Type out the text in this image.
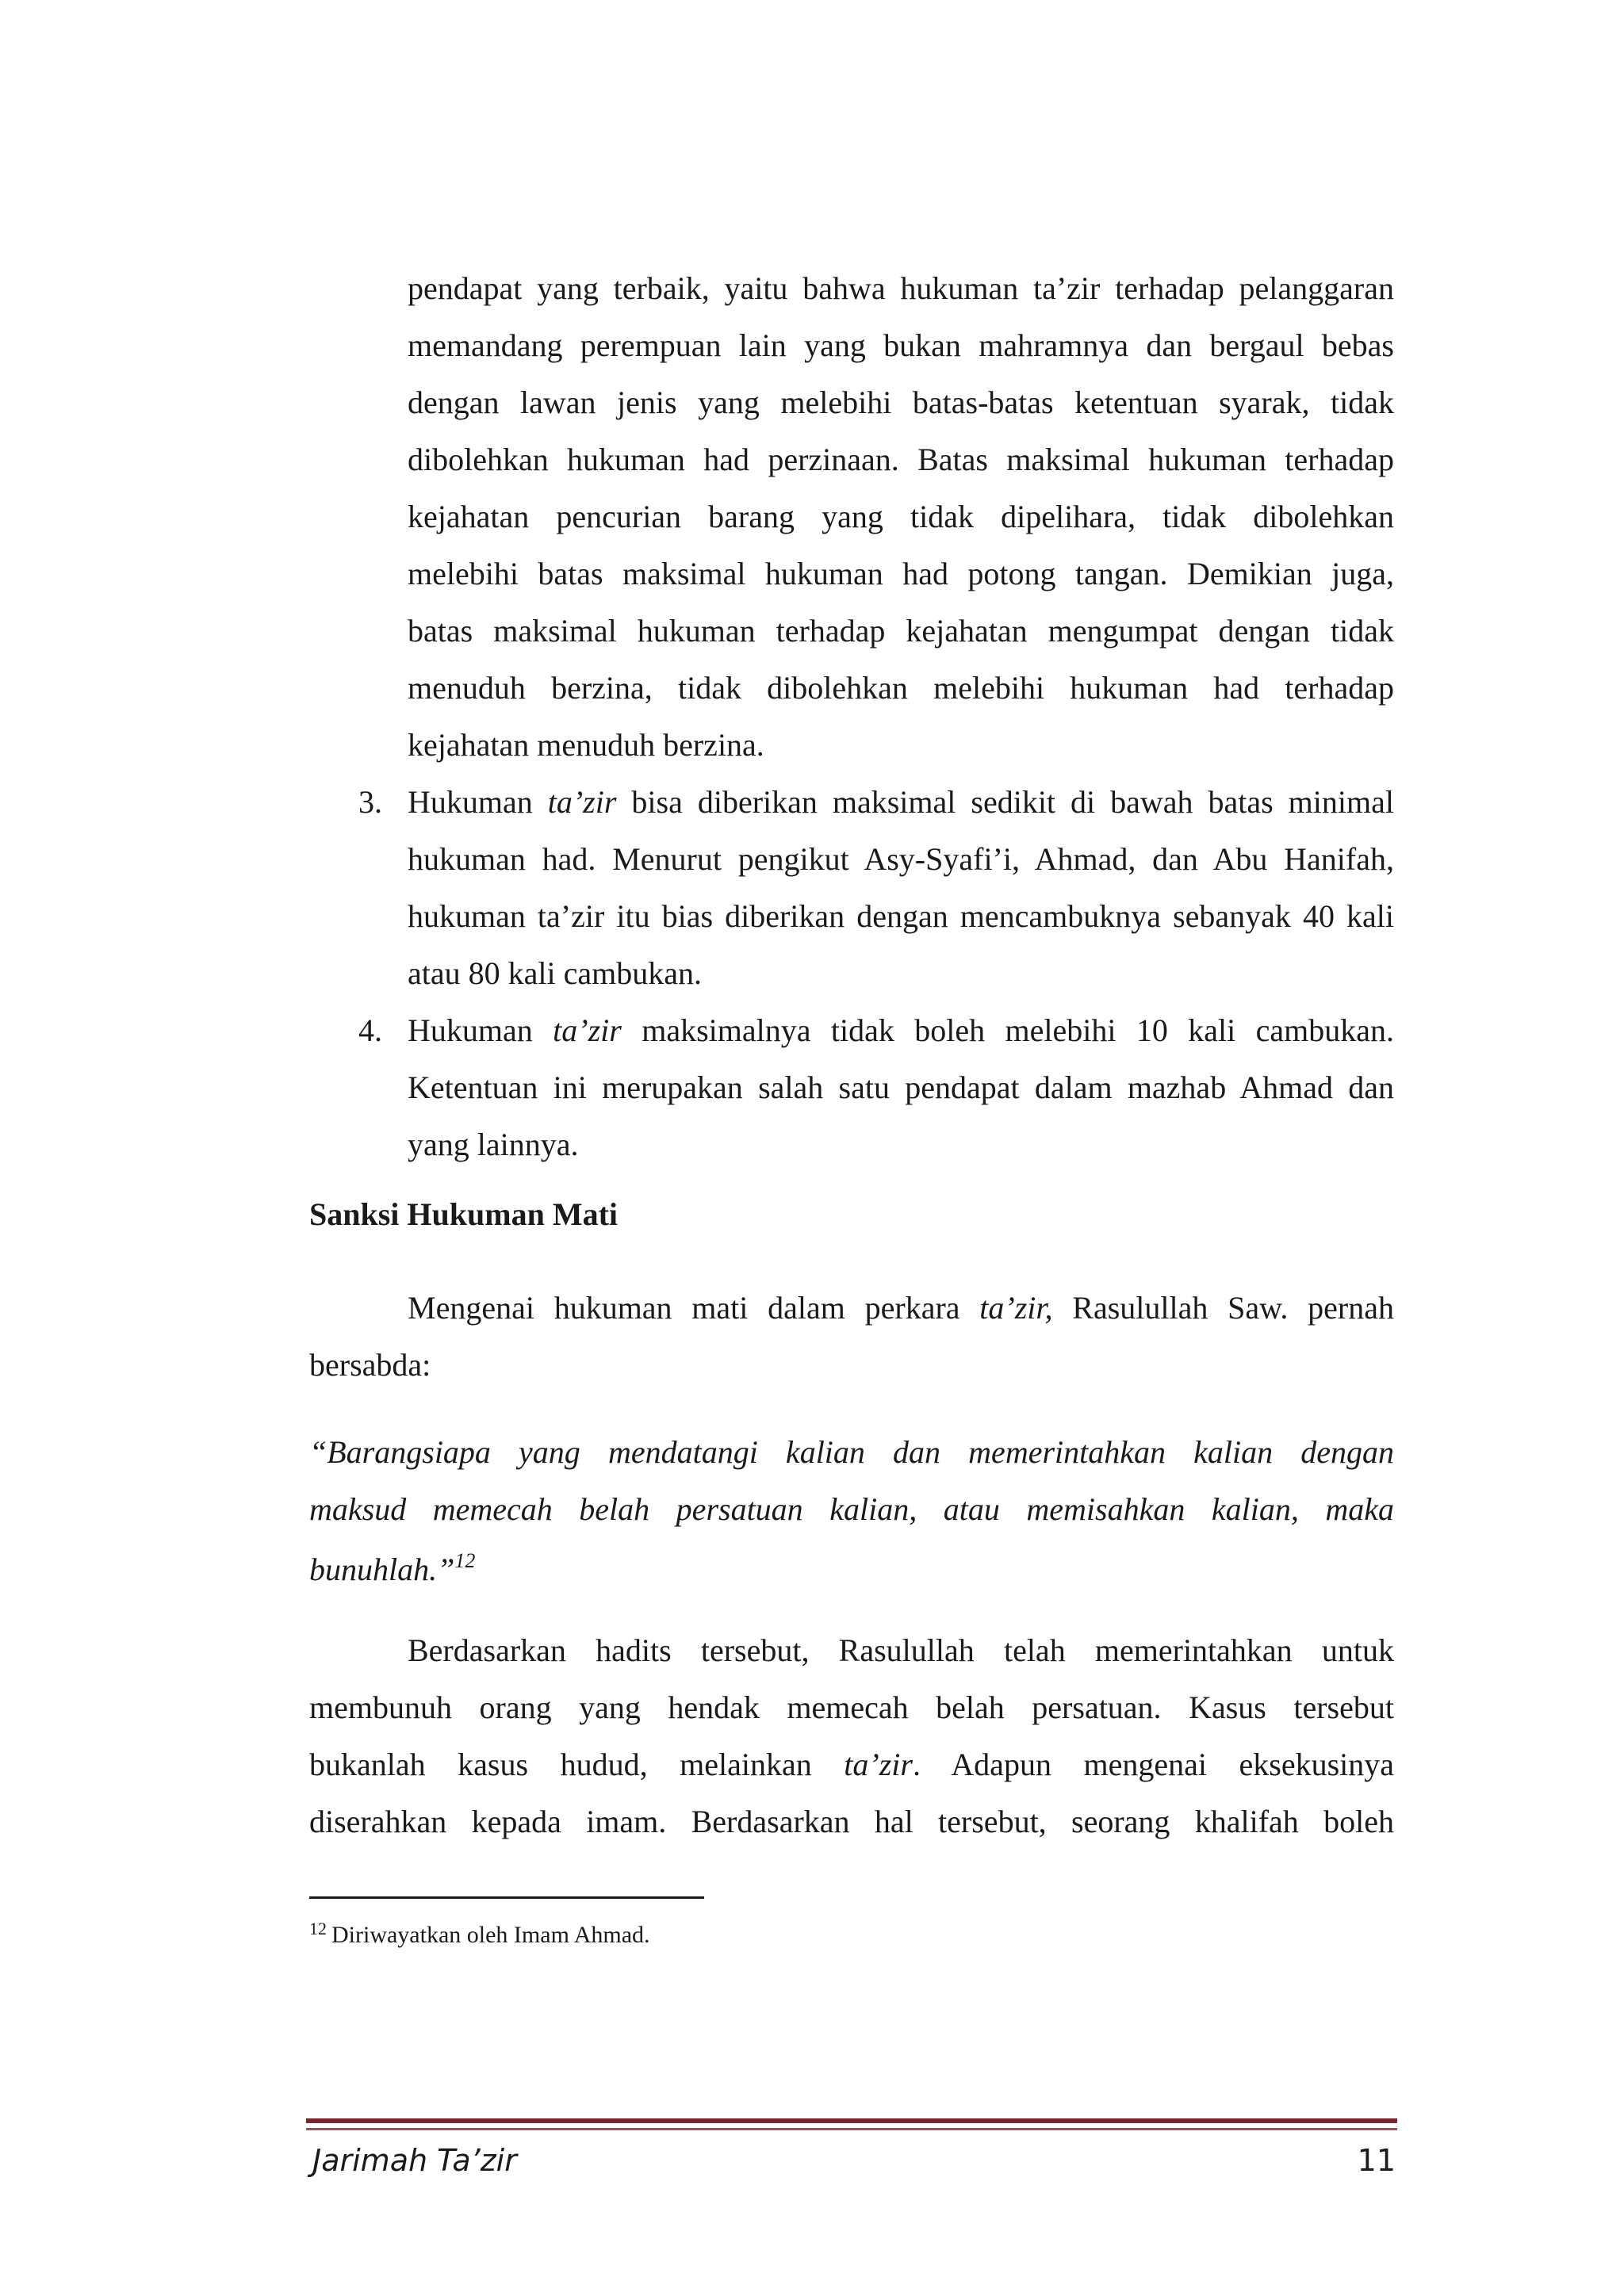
pendapat yang terbaik, yaitu bahwa hukuman ta’zir terhadap pelanggaran
memandang perempuan lain yang bukan mahramnya dan bergaul bebas
dengan lawan jenis yang melebihi batas-batas ketentuan syarak, tidak
dibolehkan hukuman had perzinaan. Batas maksimal hukuman terhadap
kejahatan pencurian barang yang tidak dipelihara, tidak dibolehkan
melebihi batas maksimal hukuman had potong tangan. Demikian juga,
batas maksimal hukuman terhadap kejahatan mengumpat dengan tidak
menuduh berzina, tidak dibolehkan melebihi hukuman had terhadap
kejahatan menuduh berzina.
3. Hukuman ta’zir bisa diberikan maksimal sedikit di bawah batas minimal
hukuman had. Menurut pengikut Asy-Syafi’i, Ahmad, dan Abu Hanifah,
hukuman ta’zir itu bias diberikan dengan mencambuknya sebanyak 40 kali
atau 80 kali cambukan.
4. Hukuman ta’zir maksimalnya tidak boleh melebihi 10 kali cambukan.
Ketentuan ini merupakan salah satu pendapat dalam mazhab Ahmad dan
yang lainnya.
Sanksi Hukuman Mati
Mengenai hukuman mati dalam perkara ta’zir, Rasulullah Saw. pernah
bersabda:
“Barangsiapa yang mendatangi kalian dan memerintahkan kalian dengan
maksud memecah belah persatuan kalian, atau memisahkan kalian, maka
bunuhlah.”$^{12}$
Berdasarkan hadits tersebut, Rasulullah telah memerintahkan untuk
membunuh orang yang hendak memecah belah persatuan. Kasus tersebut
bukanlah kasus hudud, melainkan ta’zir. Adapun mengenai eksekusinya
diserahkan kepada imam. Berdasarkan hal tersebut, seorang khalifah boleh
$^{12}$ Diriwayatkan oleh Imam Ahmad.
Jarimah Ta’zir	11
